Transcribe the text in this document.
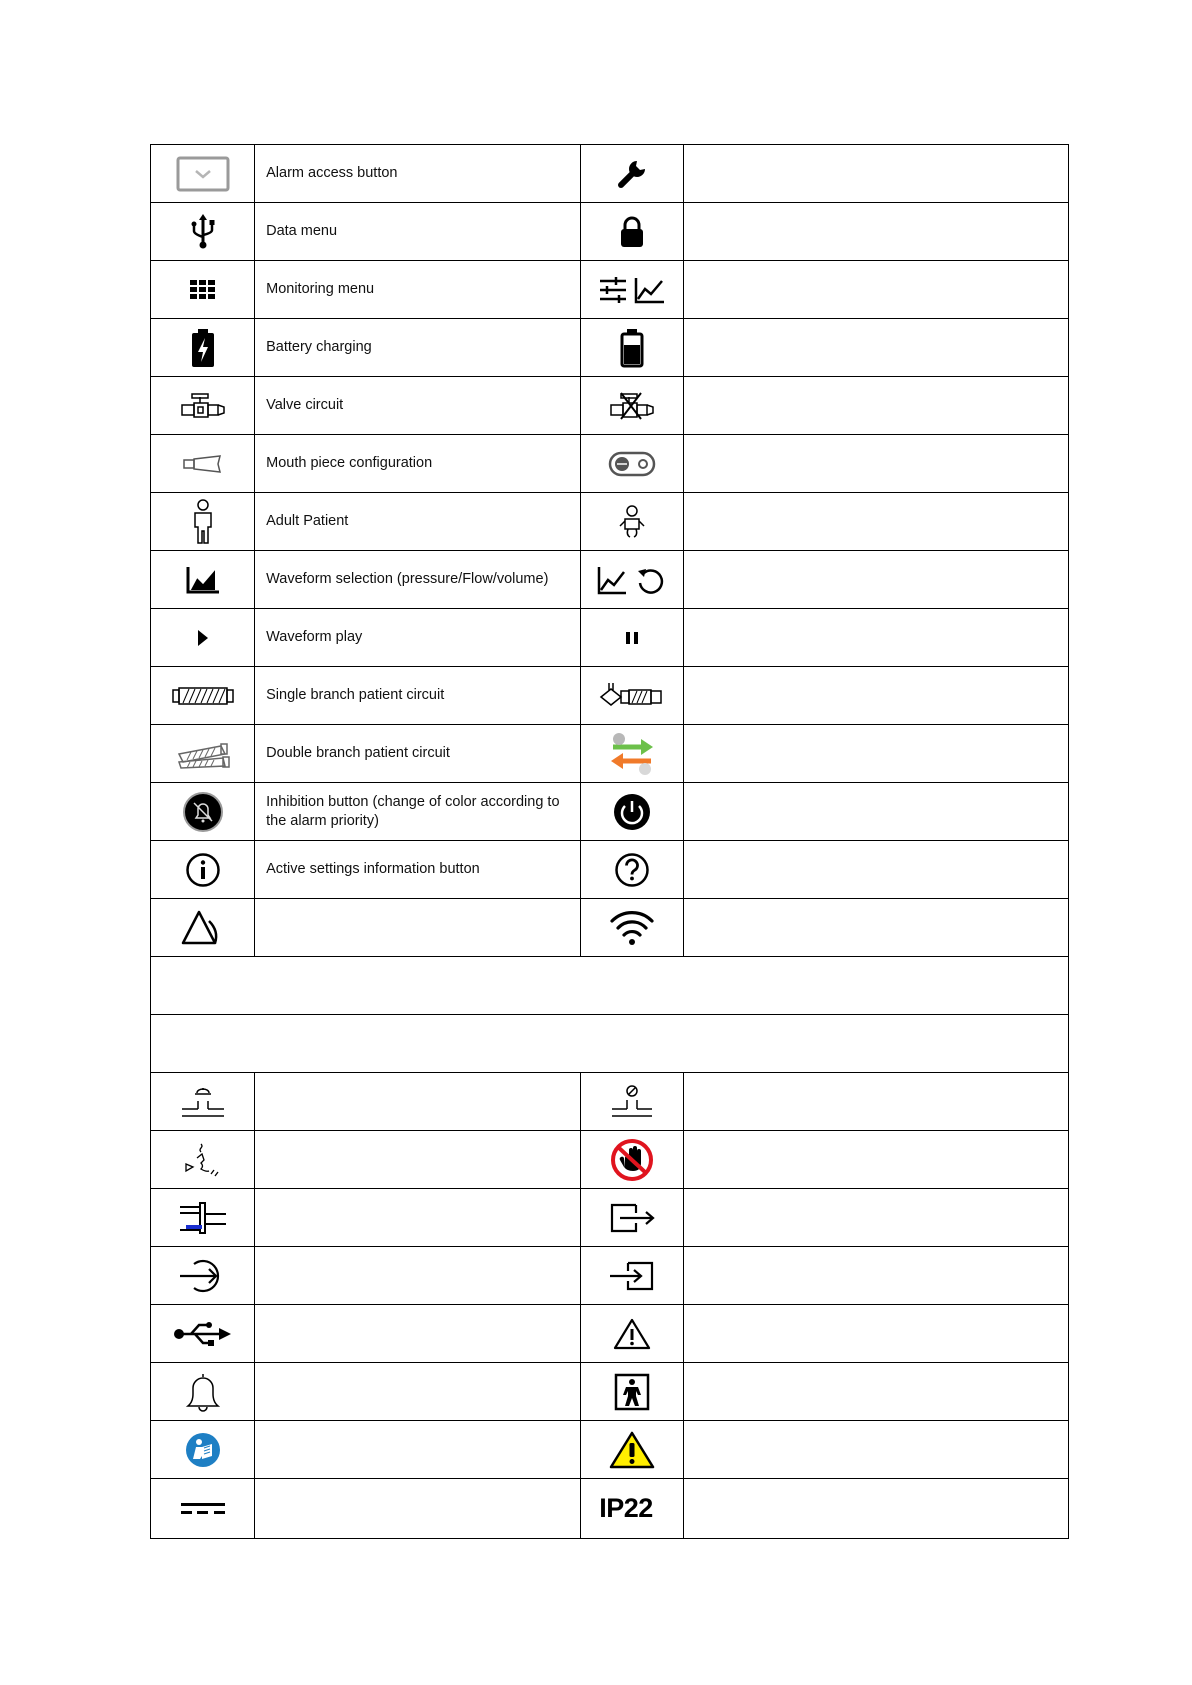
	Alarm access button	

	Data menu	

	Monitoring menu	

	Battery charging	

	Valve circuit	

	Mouth piece configuration	

	Adult Patient	

	Waveform selection (pressure/Flow/volume)	

	Waveform play	

	Single branch patient circuit	

	Double branch patient circuit	

	Inhibition button (change of color according to the alarm priority)	

	Active settings information button	

		IP22	
